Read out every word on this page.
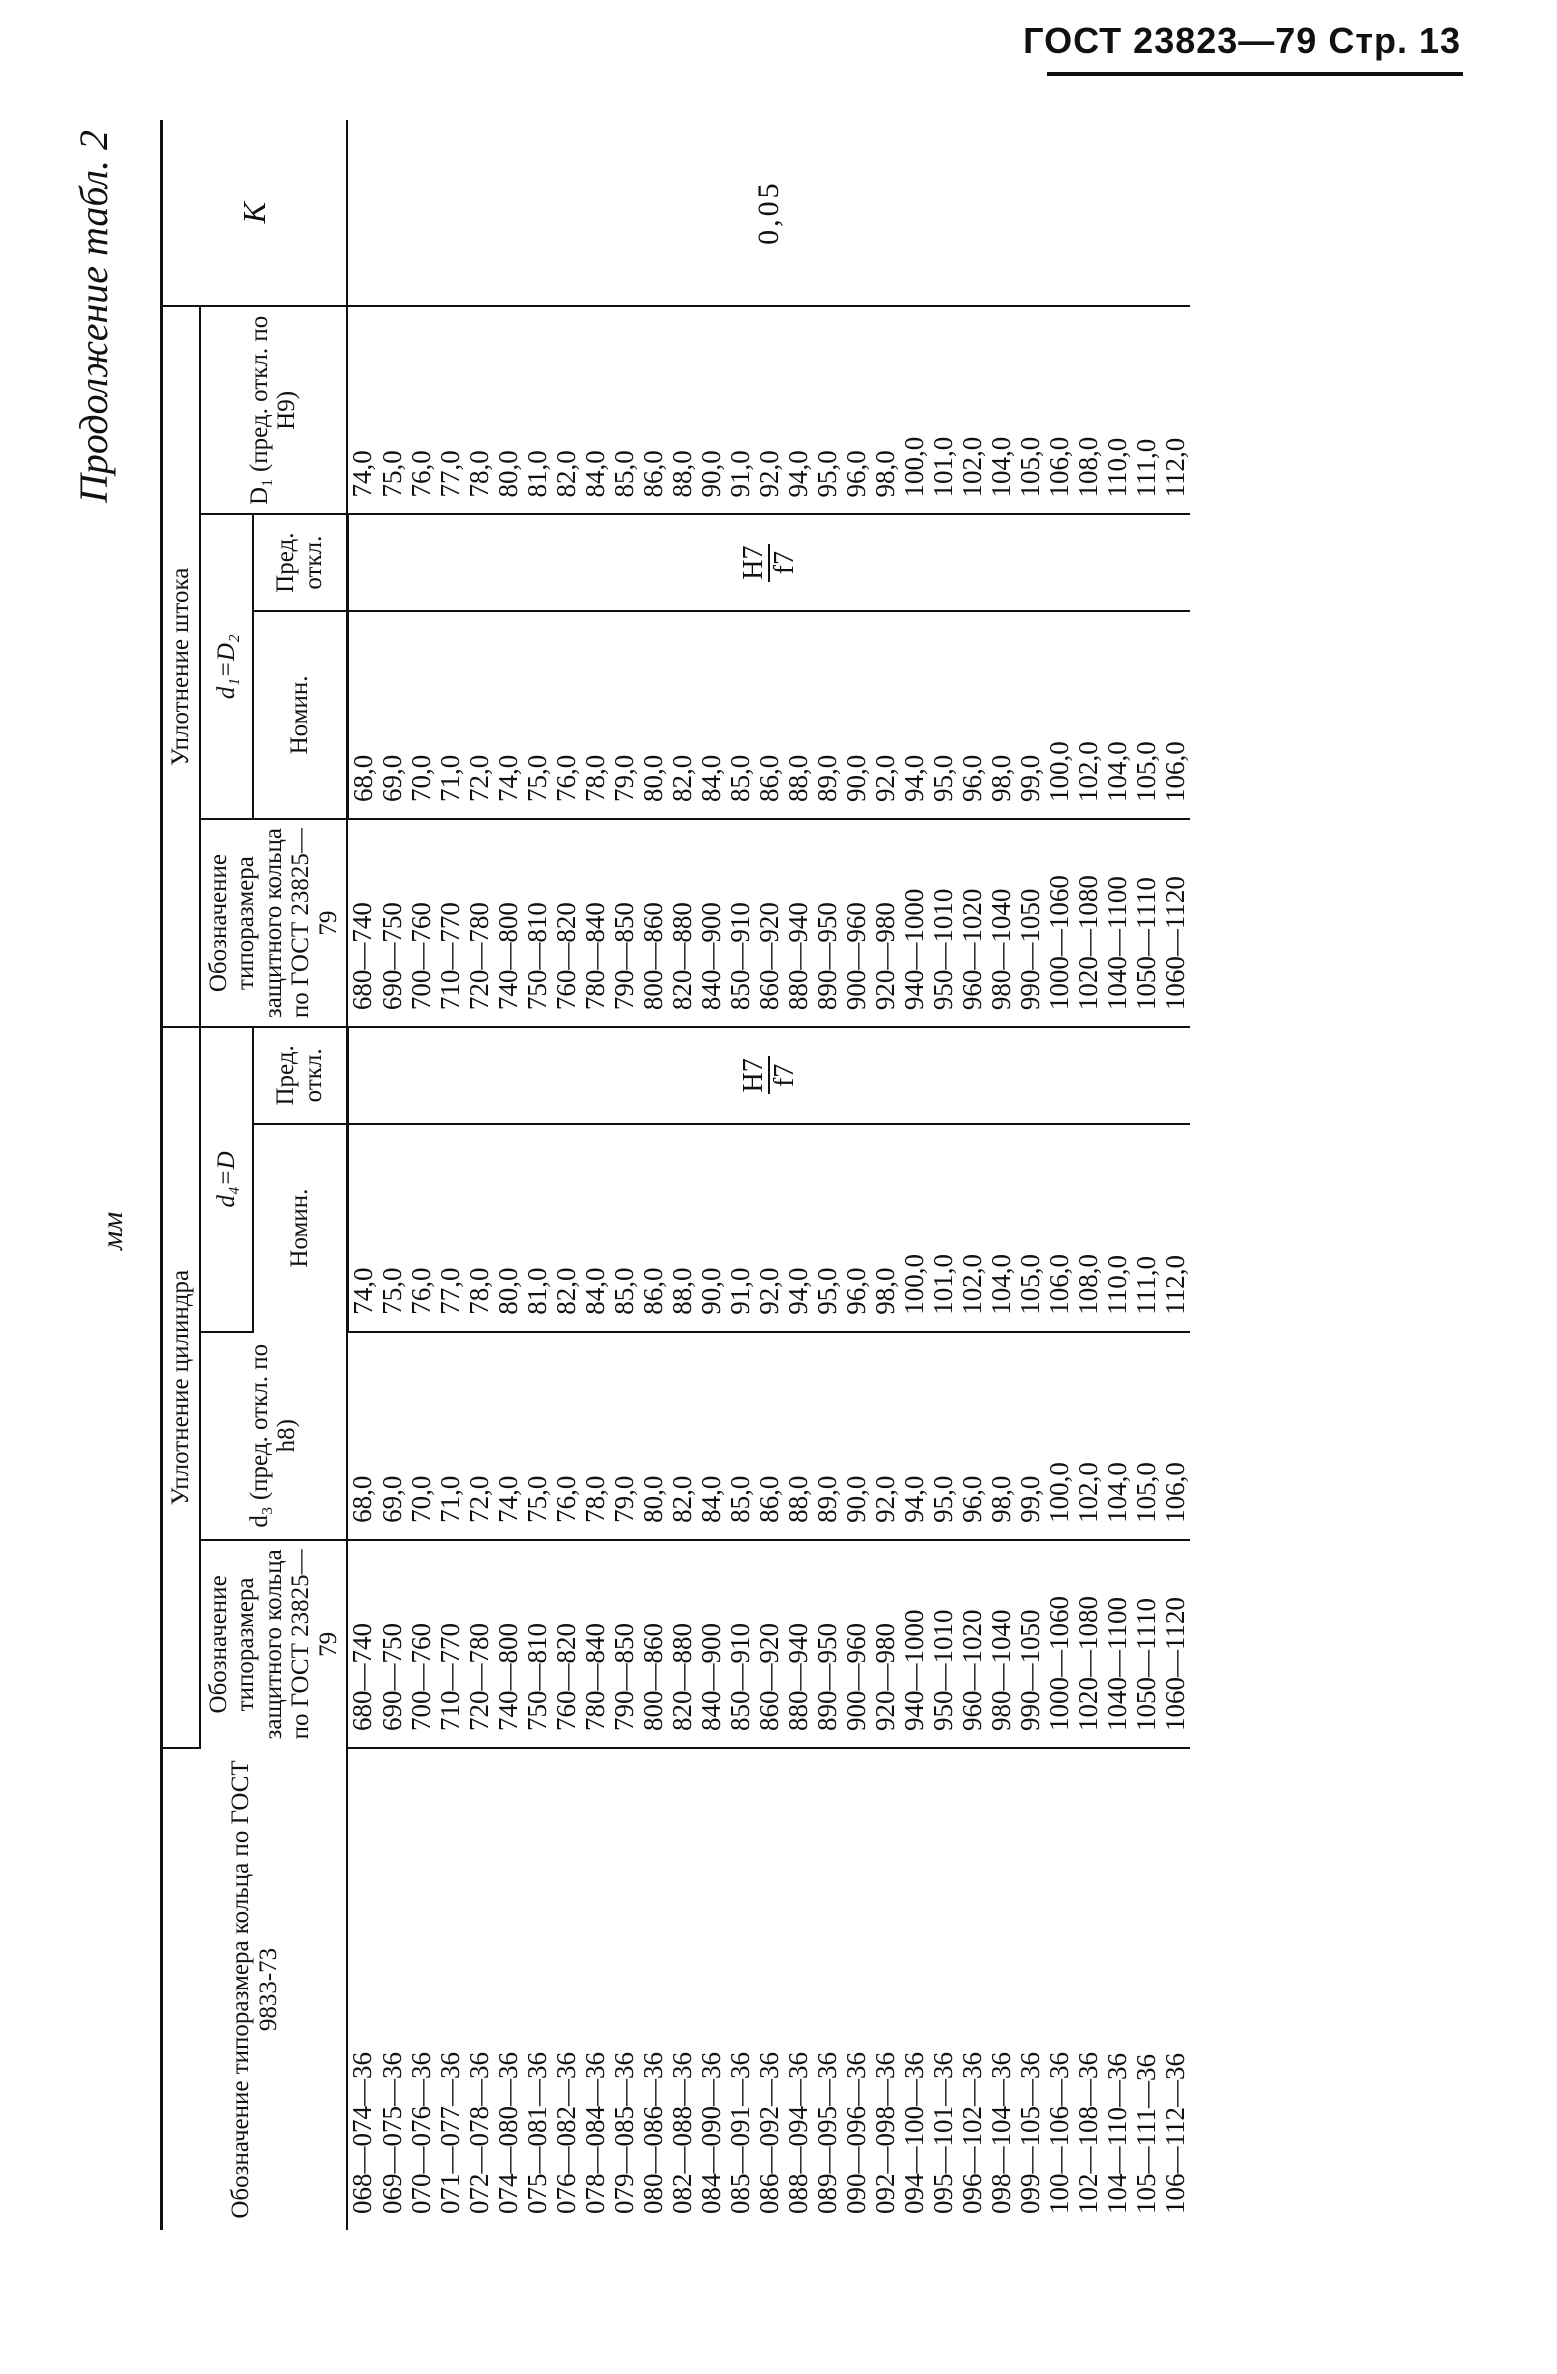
ГОСТ 23823—79 Стр. 13
Продолжение табл. 2
мм
Обозначение типоразмера кольца по ГОСТ 9833-73	Уплотнение цилиндра				Уплотнение штока				K
	Обозначение типоразмера защитного кольца по ГОСТ 23825—79	d₃ (пред. откл. по h8)	d₄=D		Обозначение типоразмера защитного кольца по ГОСТ 23825—79	d₁=D₂		D₁ (пред. откл. по H9)	
			Номин.	Пред. откл.		Номин.	Пред. откл.		
068—074—36	680—740	68,0	74,0	H7 f7	680—740	68,0	H7 f7	74,0	0,05
069—075—36	690—750	69,0	75,0		690—750	69,0		75,0	
070—076—36	700—760	70,0	76,0		700—760	70,0		76,0	
071—077—36	710—770	71,0	77,0		710—770	71,0		77,0	
072—078—36	720—780	72,0	78,0		720—780	72,0		78,0	
074—080—36	740—800	74,0	80,0		740—800	74,0		80,0	
075—081—36	750—810	75,0	81,0		750—810	75,0		81,0	
076—082—36	760—820	76,0	82,0		760—820	76,0		82,0	
078—084—36	780—840	78,0	84,0		780—840	78,0		84,0	
079—085—36	790—850	79,0	85,0		790—850	79,0		85,0	
080—086—36	800—860	80,0	86,0		800—860	80,0		86,0	
082—088—36	820—880	82,0	88,0		820—880	82,0		88,0	
084—090—36	840—900	84,0	90,0		840—900	84,0		90,0	
085—091—36	850—910	85,0	91,0		850—910	85,0		91,0	
086—092—36	860—920	86,0	92,0		860—920	86,0		92,0	
088—094—36	880—940	88,0	94,0		880—940	88,0		94,0	
089—095—36	890—950	89,0	95,0		890—950	89,0		95,0	
090—096—36	900—960	90,0	96,0		900—960	90,0		96,0	
092—098—36	920—980	92,0	98,0		920—980	92,0		98,0	
094—100—36	940—1000	94,0	100,0		940—1000	94,0		100,0	
095—101—36	950—1010	95,0	101,0		950—1010	95,0		101,0	
096—102—36	960—1020	96,0	102,0		960—1020	96,0		102,0	
098—104—36	980—1040	98,0	104,0		980—1040	98,0		104,0	
099—105—36	990—1050	99,0	105,0		990—1050	99,0		105,0	
100—106—36	1000—1060	100,0	106,0		1000—1060	100,0		106,0	
102—108—36	1020—1080	102,0	108,0		1020—1080	102,0		108,0	
104—110—36	1040—1100	104,0	110,0		1040—1100	104,0		110,0	
105—111—36	1050—1110	105,0	111,0		1050—1110	105,0		111,0	
106—112—36	1060—1120	106,0	112,0		1060—1120	106,0		112,0	
